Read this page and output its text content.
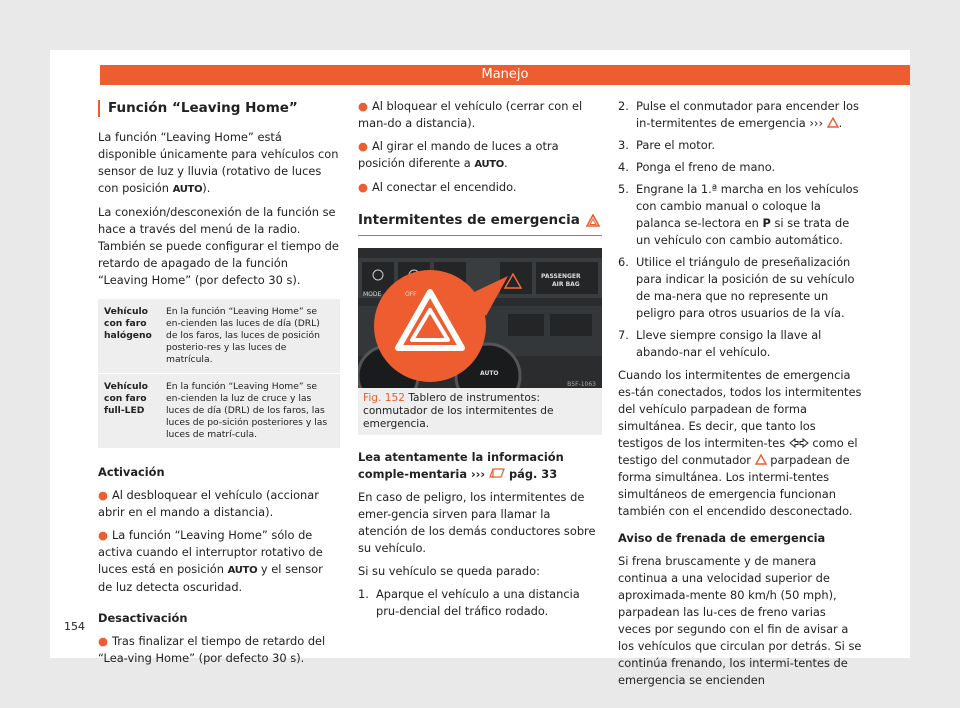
Manejo
Función “Leaving Home”

La función “Leaving Home” está disponible únicamente para vehículos con sensor de luz y lluvia (rotativo de luces con posición AUTO).

La conexión/desconexión de la función se hace a través del menú de la radio. También se puede configurar el tiempo de retardo de apagado de la función “Leaving Home” (por defecto 30 s).

Vehículo con faro halógeno	En la función “Leaving Home” se en-cienden las luces de día (DRL) de los faros, las luces de posición posterio-res y las luces de matrícula.
Vehículo con faro full-LED	En la función “Leaving Home” se en-cienden la luz de cruce y las luces de día (DRL) de los faros, las luces de po-sición posteriores y las luces de matrí-cula.
Activación

● Al desbloquear el vehículo (accionar abrir en el mando a distancia).

● La función “Leaving Home” sólo de activa cuando el interruptor rotativo de luces está en posición AUTO y el sensor de luz detecta oscuridad.

Desactivación

● Tras finalizar el tiempo de retardo del “Lea-ving Home” (por defecto 30 s).

● Al bloquear el vehículo (cerrar con el man-do a distancia).

● Al girar el mando de luces a otra posición diferente a AUTO.

● Al conectar el encendido.

Intermitentes de emergencia
MODE	OFF
PASSENGER
AIR BAG
AUTO
B5F-1063
Fig. 152 Tablero de instrumentos: conmutador de los intermitentes de emergencia.

Lea atentamente la información comple-mentaria ›››  pág. 33

En caso de peligro, los intermitentes de emer-gencia sirven para llamar la atención de los demás conductores sobre su vehículo.

Si su vehículo se queda parado:

1. Aparque el vehículo a una distancia pru-dencial del tráfico rodado.
2. Pulse el conmutador para encender los in-termitentes de emergencia ››› .
3. Pare el motor.
4. Ponga el freno de mano.
5. Engrane la 1.ª marcha en los vehículos con cambio manual o coloque la palanca se-lectora en P si se trata de un vehículo con cambio automático.
6. Utilice el triángulo de preseñalización para indicar la posición de su vehículo de ma-nera que no represente un peligro para otros usuarios de la vía.
7. Lleve siempre consigo la llave al abando-nar el vehículo.

Cuando los intermitentes de emergencia es-tán conectados, todos los intermitentes del vehículo parpadean de forma simultánea. Es decir, que tanto los testigos de los intermiten-tes  como el testigo del conmutador  parpadean de forma simultánea. Los intermi-tentes simultáneos de emergencia funcionan también con el encendido desconectado.

Aviso de frenada de emergencia

Si frena bruscamente y de manera continua a una velocidad superior de aproximada-mente 80 km/h (50 mph), parpadean las lu-ces de freno varias veces por segundo con el fin de avisar a los vehículos que circulan por detrás. Si se continúa frenando, los intermi-tentes de emergencia se encienden

154
